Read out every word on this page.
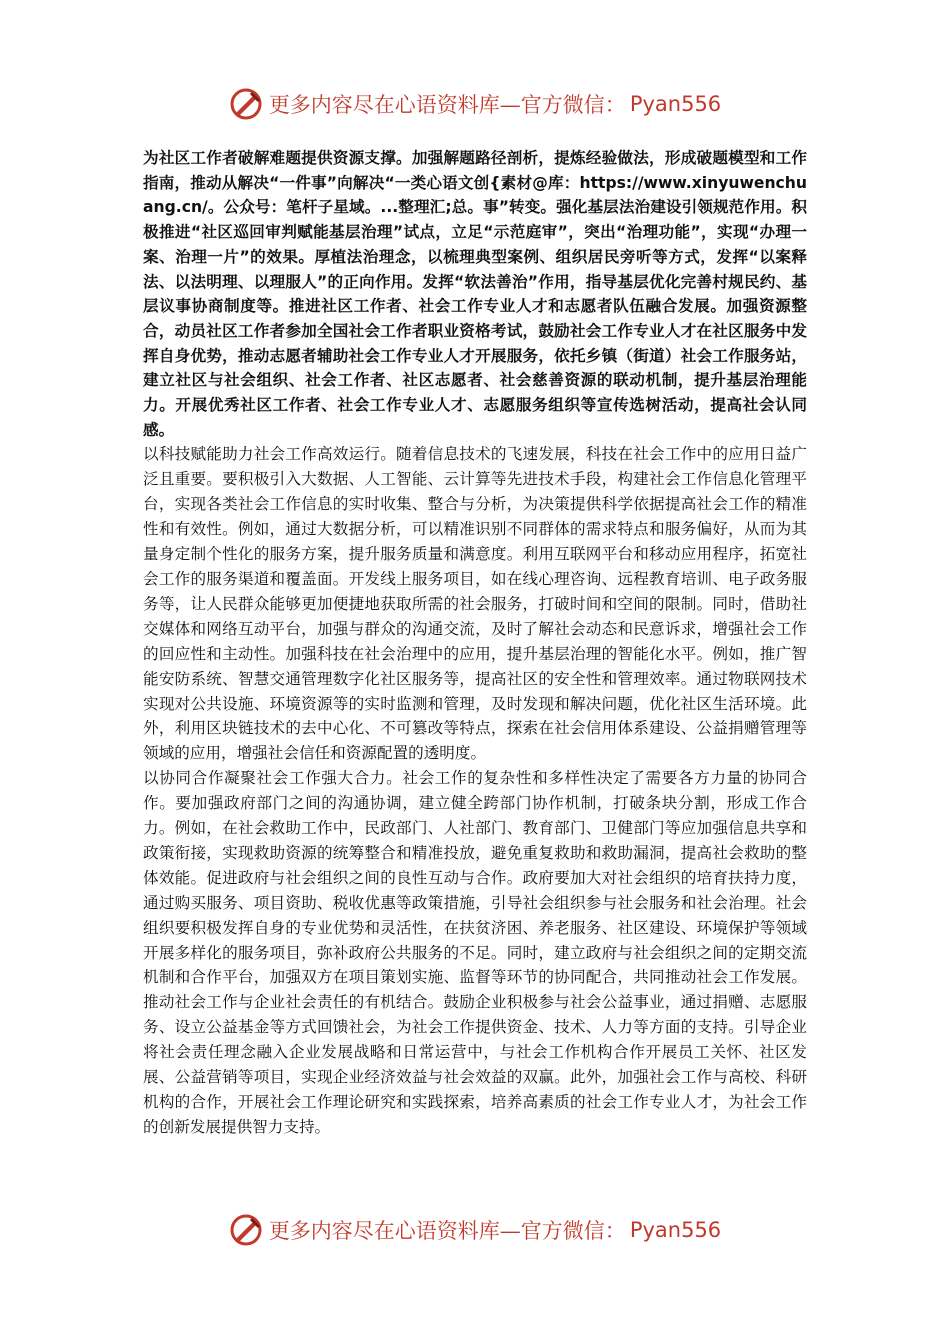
更多内容尽在心语资料库—官方微信： Pyan556

为社区工作者破解难题提供资源支撑。加强解题路径剖析，提炼经验做法，形成破题模型和工作指南，推动从解决“一件事”向解决“一类心语文创{素材@库：https://www.xinyuwenchuang.cn/。公众号：笔杆子星域。...整理汇;总。事”转变。强化基层法治建设引领规范作用。积极推进“社区巡回审判赋能基层治理”试点，立足“示范庭审”，突出“治理功能”，实现“办理一案、治理一片”的效果。厚植法治理念，以梳理典型案例、组织居民旁听等方式，发挥“以案释法、以法明理、以理服人”的正向作用。发挥“软法善治”作用，指导基层优化完善村规民约、基层议事协商制度等。推进社区工作者、社会工作专业人才和志愿者队伍融合发展。加强资源整合，动员社区工作者参加全国社会工作者职业资格考试，鼓励社会工作专业人才在社区服务中发挥自身优势，推动志愿者辅助社会工作专业人才开展服务，依托乡镇（街道）社会工作服务站，建立社区与社会组织、社会工作者、社区志愿者、社会慈善资源的联动机制，提升基层治理能力。开展优秀社区工作者、社会工作专业人才、志愿服务组织等宣传选树活动，提高社会认同感。

以科技赋能助力社会工作高效运行。随着信息技术的飞速发展，科技在社会工作中的应用日益广泛且重要。要积极引入大数据、人工智能、云计算等先进技术手段，构建社会工作信息化管理平台，实现各类社会工作信息的实时收集、整合与分析，为决策提供科学依据提高社会工作的精准性和有效性。例如，通过大数据分析，可以精准识别不同群体的需求特点和服务偏好，从而为其量身定制个性化的服务方案，提升服务质量和满意度。利用互联网平台和移动应用程序，拓宽社会工作的服务渠道和覆盖面。开发线上服务项目，如在线心理咨询、远程教育培训、电子政务服务等，让人民群众能够更加便捷地获取所需的社会服务，打破时间和空间的限制。同时，借助社交媒体和网络互动平台，加强与群众的沟通交流，及时了解社会动态和民意诉求，增强社会工作的回应性和主动性。加强科技在社会治理中的应用，提升基层治理的智能化水平。例如，推广智能安防系统、智慧交通管理数字化社区服务等，提高社区的安全性和管理效率。通过物联网技术实现对公共设施、环境资源等的实时监测和管理，及时发现和解决问题，优化社区生活环境。此外，利用区块链技术的去中心化、不可篡改等特点，探索在社会信用体系建设、公益捐赠管理等领域的应用，增强社会信任和资源配置的透明度。

以协同合作凝聚社会工作强大合力。社会工作的复杂性和多样性决定了需要各方力量的协同合作。要加强政府部门之间的沟通协调，建立健全跨部门协作机制，打破条块分割，形成工作合力。例如，在社会救助工作中，民政部门、人社部门、教育部门、卫健部门等应加强信息共享和政策衔接，实现救助资源的统筹整合和精准投放，避免重复救助和救助漏洞，提高社会救助的整体效能。促进政府与社会组织之间的良性互动与合作。政府要加大对社会组织的培育扶持力度，通过购买服务、项目资助、税收优惠等政策措施，引导社会组织参与社会服务和社会治理。社会组织要积极发挥自身的专业优势和灵活性，在扶贫济困、养老服务、社区建设、环境保护等领域开展多样化的服务项目，弥补政府公共服务的不足。同时，建立政府与社会组织之间的定期交流机制和合作平台，加强双方在项目策划实施、监督等环节的协同配合，共同推动社会工作发展。推动社会工作与企业社会责任的有机结合。鼓励企业积极参与社会公益事业，通过捐赠、志愿服务、设立公益基金等方式回馈社会，为社会工作提供资金、技术、人力等方面的支持。引导企业将社会责任理念融入企业发展战略和日常运营中，与社会工作机构合作开展员工关怀、社区发展、公益营销等项目，实现企业经济效益与社会效益的双赢。此外，加强社会工作与高校、科研机构的合作，开展社会工作理论研究和实践探索，培养高素质的社会工作专业人才，为社会工作的创新发展提供智力支持。

更多内容尽在心语资料库—官方微信： Pyan556
